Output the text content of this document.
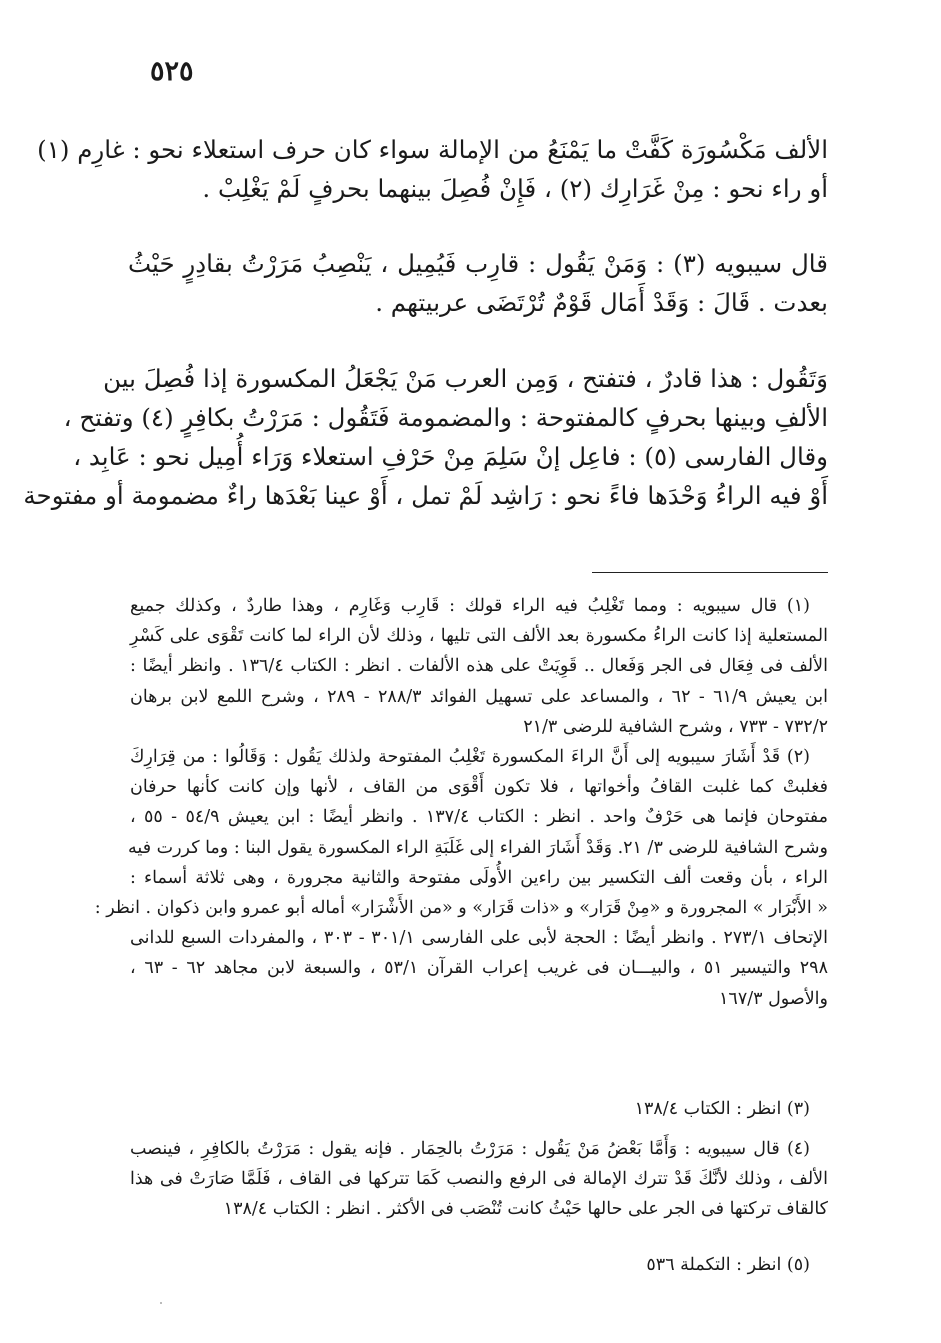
٥٢٥
الألف مَكْسُورَة كَفَّتْ ما يَمْنَعُ من الإمالة سواء كان حرف استعلاء نحو : غارِم (١)
أو راء نحو : مِنْ غَرَارِك (٢) ، فَإِنْ فُصِلَ بينهما بحرفٍ لَمْ يَغْلِبْ .
قال سيبويه (٣) : وَمَنْ يَقُول : قارِب فَيُمِيل ، يَنْصِبُ مَرَرْتُ بقادِرٍ حَيْثُ
بعدت . قَالَ : وَقَدْ أَمَال قَوْمٌ تُرْتَضَى عربيتهم .
وَتَقُول : هذا قادرٌ ، فتفتح ، وَمِن العرب مَنْ يَجْعَلُ المكسورة إذا فُصِلَ بين
الألفِ وبينها بحرفٍ كالمفتوحة : والمضمومة فَتَقُول : مَرَرْتُ بكافِرٍ (٤) وتفتح ،
وقال الفارسى (٥) : فاعِل إنْ سَلِمَ مِنْ حَرْفِ استعلاء وَرَاء أُمِيل نحو : عَابِد ،
أَوْ فيه الراءُ وَحْدَها فاءً نحو : رَاشِد لَمْ تمل ، أَوْ عينا بَعْدَها راءٌ مضمومة أو مفتوحة
(١) قال سيبويه : ومما تَغْلِبُ فيه الراء قولك : قَارِب وَغَارِم ، وهذا طاردٌ ، وكذلك جميع
المستعلية إذا كانت الراءُ مكسورة بعد الألف التى تليها ، وذلك لأن الراء لما كانت تَقْوَى على كَسْرِ
الألف فى فِعَال فى الجر وَفَعال .. قَوِيَتْ على هذه الألفات . انظر : الكتاب ١٣٦/٤ . وانظر أيضًا :
ابن يعيش ٦١/٩ - ٦٢ ، والمساعد على تسهيل الفوائد ٢٨٨/٣ - ٢٨٩ ، وشرح اللمع لابن برهان
٧٣٢/٢ - ٧٣٣ ، وشرح الشافية للرضى ٢١/٣
(٢) قَدْ أَشَارَ سيبويه إلى أَنَّ الراءَ المكسورة تَغْلِبُ المفتوحة ولذلك يَقُول : وَقَالُوا : من قِرَارِكَ
فغلبتْ كما غلبت القافُ وأخواتها ، فلا تكون أَقْوَى من القاف ، لأنها وإن كانت كأنها حرفان
مفتوحان فإنما هى حَرْفٌ واحد . انظر : الكتاب ١٣٧/٤ . وانظر أيضًا : ابن يعيش ٥٤/٩ - ٥٥ ،
وشرح الشافية للرضى ٣/ ٢١. وَقَدْ أَشَارَ الفراء إلى غَلَبَةِ الراء المكسورة يقول البنا : وما كررت فيه
الراء ، بأن وقعت ألف التكسير بين راءين الأُولَى مفتوحة والثانية مجرورة ، وهى ثلاثة أسماء :
« الأَبْرَار » المجرورة و «مِنْ قَرَار» و «ذات قَرَار» و «من الأَشْرَار» أماله أبو عمرو وابن ذكوان . انظر :
الإتحاف ٢٧٣/١ . وانظر أيضًا : الحجة لأبى على الفارسى ٣٠١/١ - ٣٠٣ ، والمفردات السبع للدانى
٢٩٨ والتيسير ٥١ ، والبيـــان فى غريب إعراب القرآن ٥٣/١ ، والسبعة لابن مجاهد ٦٢ - ٦٣ ،
والأصول ١٦٧/٣
(٣) انظر : الكتاب ١٣٨/٤
(٤) قال سيبويه : وَأَمَّا بَعْضُ مَنْ يَقُول : مَرَرْتُ بالحِمَار . فإنه يقول : مَرَرْتُ بالكافِرِ ، فينصب
الألف ، وذلك لأنَّكَ قَدْ تترك الإمالة فى الرفع والنصب كَمَا تتركها فى القاف ، فَلَمَّا صَارَتْ فى هذا
كالقاف تركتها فى الجر على حالها حَيْثُ كانت تُنْصَب فى الأكثر . انظر : الكتاب ١٣٨/٤
(٥) انظر : التكملة ٥٣٦
